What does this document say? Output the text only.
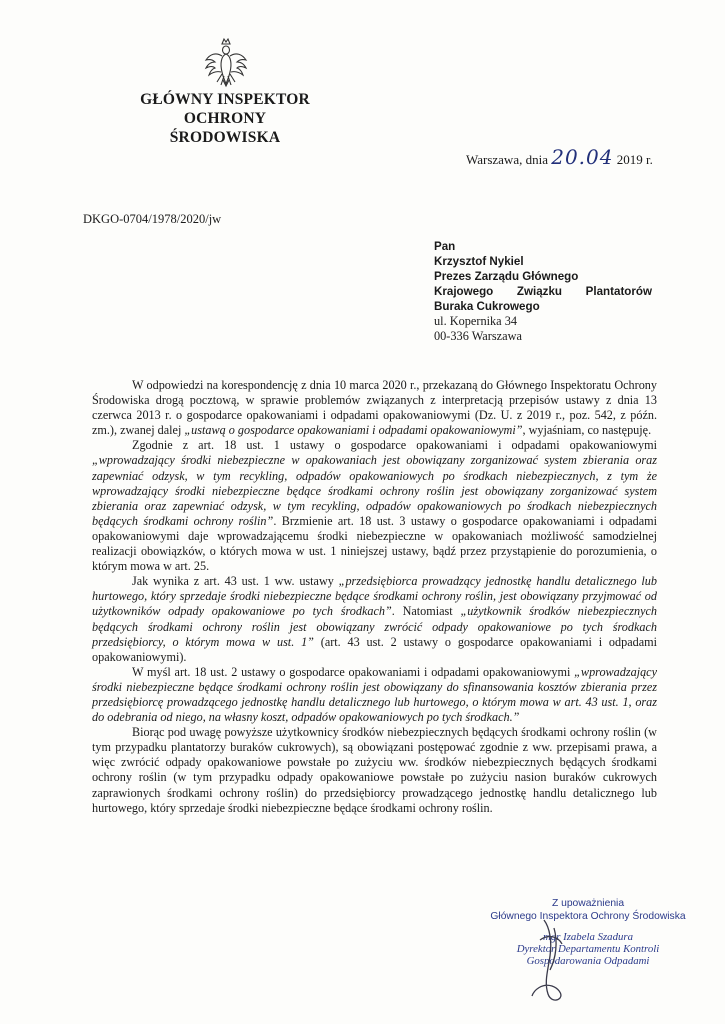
GŁÓWNY INSPEKTOR
OCHRONY ŚRODOWISKA
Warszawa, dnia 20.04 2019 r.
DKGO-0704/1978/2020/jw
Pan
Krzysztof Nykiel
Prezes Zarządu Głównego
Krajowego Związku Plantatorów
Buraka Cukrowego
ul. Kopernika 34
00-336 Warszawa

W odpowiedzi na korespondencję z dnia 10 marca 2020 r., przekazaną do Głównego Inspektoratu Ochrony Środowiska drogą pocztową, w sprawie problemów związanych z interpretacją przepisów ustawy z dnia 13 czerwca 2013 r. o gospodarce opakowaniami i odpadami opakowaniowymi (Dz. U. z 2019 r., poz. 542, z późn. zm.), zwanej dalej „ustawą o gospodarce opakowaniami i odpadami opakowaniowymi”, wyjaśniam, co następuję.

Zgodnie z art. 18 ust. 1 ustawy o gospodarce opakowaniami i odpadami opakowaniowymi „wprowadzający środki niebezpieczne w opakowaniach jest obowiązany zorganizować system zbierania oraz zapewniać odzysk, w tym recykling, odpadów opakowaniowych po środkach niebezpiecznych, z tym że wprowadzający środki niebezpieczne będące środkami ochrony roślin jest obowiązany zorganizować system zbierania oraz zapewniać odzysk, w tym recykling, odpadów opakowaniowych po środkach niebezpiecznych będących środkami ochrony roślin”. Brzmienie art. 18 ust. 3 ustawy o gospodarce opakowaniami i odpadami opakowaniowymi daje wprowadzającemu środki niebezpieczne w opakowaniach możliwość samodzielnej realizacji obowiązków, o których mowa w ust. 1 niniejszej ustawy, bądź przez przystąpienie do porozumienia, o którym mowa w art. 25.

Jak wynika z art. 43 ust. 1 ww. ustawy „przedsiębiorca prowadzący jednostkę handlu detalicznego lub hurtowego, który sprzedaje środki niebezpieczne będące środkami ochrony roślin, jest obowiązany przyjmować od użytkowników odpady opakowaniowe po tych środkach”. Natomiast „użytkownik środków niebezpiecznych będących środkami ochrony roślin jest obowiązany zwrócić odpady opakowaniowe po tych środkach przedsiębiorcy, o którym mowa w ust. 1” (art. 43 ust. 2 ustawy o gospodarce opakowaniami i odpadami opakowaniowymi).

W myśl art. 18 ust. 2 ustawy o gospodarce opakowaniami i odpadami opakowaniowymi „wprowadzający środki niebezpieczne będące środkami ochrony roślin jest obowiązany do sfinansowania kosztów zbierania przez przedsiębiorcę prowadzącego jednostkę handlu detalicznego lub hurtowego, o którym mowa w art. 43 ust. 1, oraz do odebrania od niego, na własny koszt, odpadów opakowaniowych po tych środkach.”

Biorąc pod uwagę powyższe użytkownicy środków niebezpiecznych będących środkami ochrony roślin (w tym przypadku plantatorzy buraków cukrowych), są obowiązani postępować zgodnie z ww. przepisami prawa, a więc zwrócić odpady opakowaniowe powstałe po zużyciu ww. środków niebezpiecznych będących środkami ochrony roślin (w tym przypadku odpady opakowaniowe powstałe po zużyciu nasion buraków cukrowych zaprawionych środkami ochrony roślin) do przedsiębiorcy prowadzącego jednostkę handlu detalicznego lub hurtowego, który sprzedaje środki niebezpieczne będące środkami ochrony roślin.

Z upoważnienia
Głównego Inspektora Ochrony Środowiska
mgr Izabela Szadura
Dyrektor Departamentu Kontroli
Gospodarowania Odpadami
